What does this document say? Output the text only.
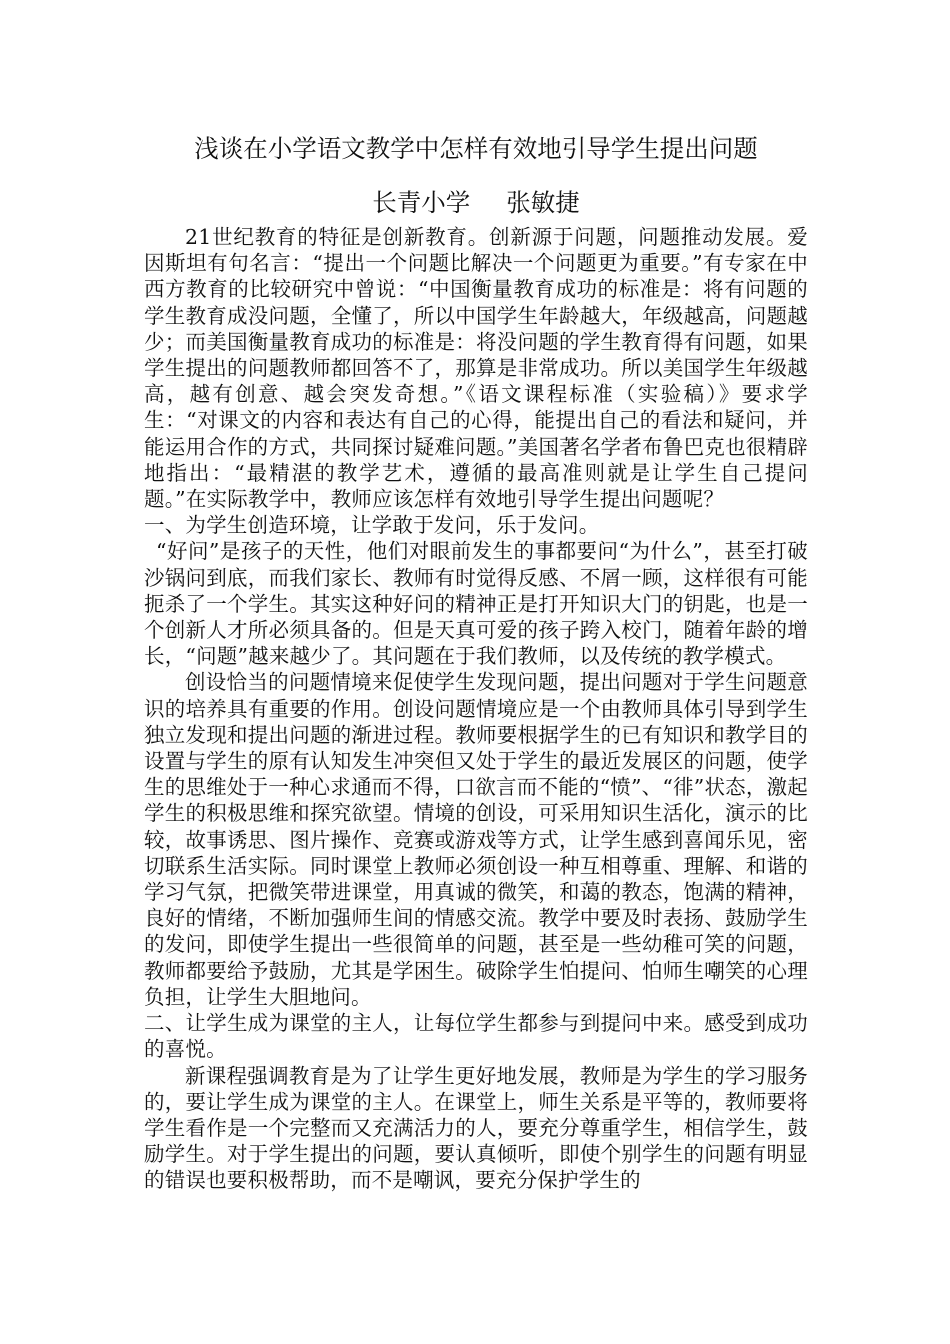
浅谈在小学语文教学中怎样有效地引导学生提出问题
长青小学 张敏捷

21世纪教育的特征是创新教育。创新源于问题，问题推动发展。爱因斯坦有句名言：“提出一个问题比解决一个问题更为重要。”有专家在中西方教育的比较研究中曾说：“中国衡量教育成功的标准是：将有问题的学生教育成没问题，全懂了，所以中国学生年龄越大，年级越高，问题越少；而美国衡量教育成功的标准是：将没问题的学生教育得有问题，如果学生提出的问题教师都回答不了，那算是非常成功。所以美国学生年级越高，越有创意、越会突发奇想。”《语文课程标准（实验稿）》要求学生：“对课文的内容和表达有自己的心得，能提出自己的看法和疑问，并能运用合作的方式，共同探讨疑难问题。”美国著名学者布鲁巴克也很精辟地指出：“最精湛的教学艺术，遵循的最高准则就是让学生自己提问题。”在实际教学中，教师应该怎样有效地引导学生提出问题呢？

一、为学生创造环境，让学敢于发问，乐于发问。

“好问”是孩子的天性，他们对眼前发生的事都要问“为什么”，甚至打破沙锅问到底，而我们家长、教师有时觉得反感、不屑一顾，这样很有可能扼杀了一个学生。其实这种好问的精神正是打开知识大门的钥匙，也是一个创新人才所必须具备的。但是天真可爱的孩子跨入校门，随着年龄的增长，“问题”越来越少了。其问题在于我们教师，以及传统的教学模式。

创设恰当的问题情境来促使学生发现问题，提出问题对于学生问题意识的培养具有重要的作用。创设问题情境应是一个由教师具体引导到学生独立发现和提出问题的渐进过程。教师要根据学生的已有知识和教学目的设置与学生的原有认知发生冲突但又处于学生的最近发展区的问题，使学生的思维处于一种心求通而不得，口欲言而不能的“愤”、“徘”状态，激起学生的积极思维和探究欲望。情境的创设，可采用知识生活化，演示的比较，故事诱思、图片操作、竞赛或游戏等方式，让学生感到喜闻乐见，密切联系生活实际。同时课堂上教师必须创设一种互相尊重、理解、和谐的学习气氛，把微笑带进课堂，用真诚的微笑，和蔼的教态，饱满的精神，良好的情绪，不断加强师生间的情感交流。教学中要及时表扬、鼓励学生的发问，即使学生提出一些很简单的问题，甚至是一些幼稚可笑的问题，教师都要给予鼓励，尤其是学困生。破除学生怕提问、怕师生嘲笑的心理负担，让学生大胆地问。

二、让学生成为课堂的主人，让每位学生都参与到提问中来。感受到成功的喜悦。

新课程强调教育是为了让学生更好地发展，教师是为学生的学习服务的，要让学生成为课堂的主人。在课堂上，师生关系是平等的，教师要将学生看作是一个完整而又充满活力的人，要充分尊重学生，相信学生，鼓励学生。对于学生提出的问题，要认真倾听，即使个别学生的问题有明显的错误也要积极帮助，而不是嘲讽，要充分保护学生的
